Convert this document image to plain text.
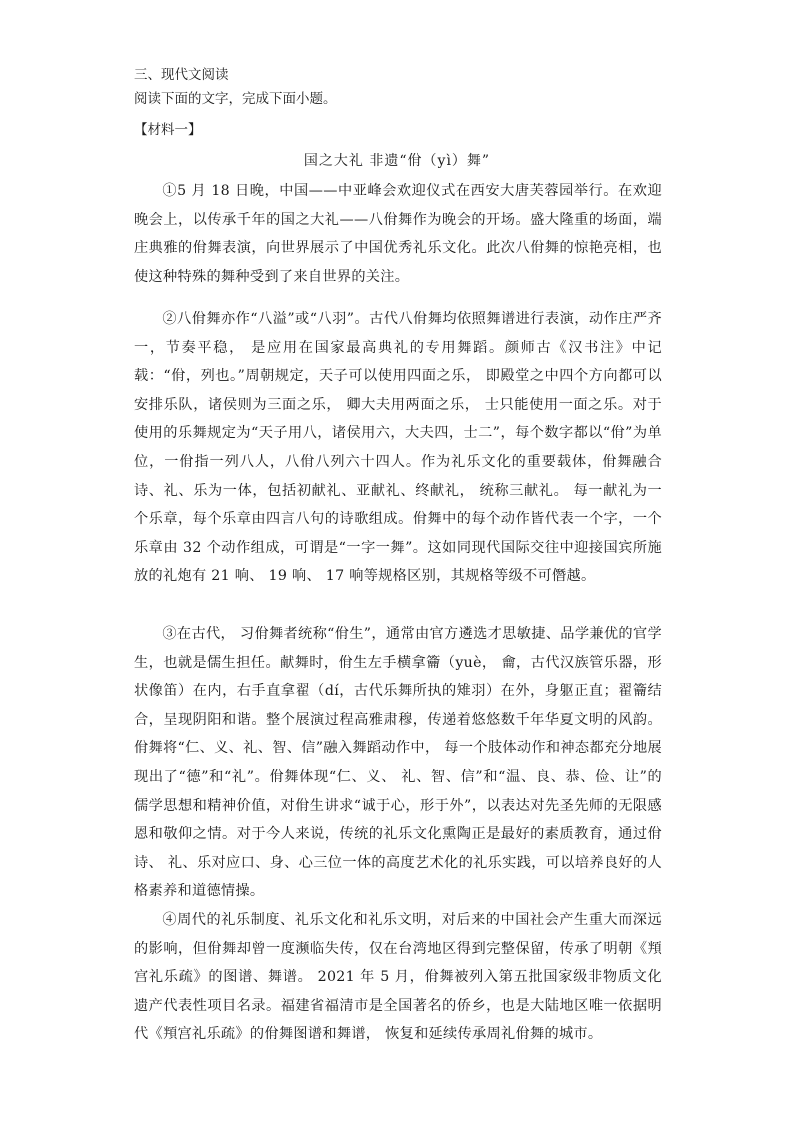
三、现代文阅读
阅读下面的文字，完成下面小题。
【材料一】
国之大礼 非遗“佾（yì）舞”

①5 月 18 日晚，中国——中亚峰会欢迎仪式在西安大唐芙蓉园举行。在欢迎晚会上，以传承千年的国之大礼——八佾舞作为晚会的开场。盛大隆重的场面，端庄典雅的佾舞表演，向世界展示了中国优秀礼乐文化。此次八佾舞的惊艳亮相，也使这种特殊的舞种受到了来自世界的关注。

②八佾舞亦作“八溢”或“八羽”。古代八佾舞均依照舞谱进行表演，动作庄严齐一，节奏平稳， 是应用在国家最高典礼的专用舞蹈。颜师古《汉书注》中记载：“佾，列也。”周朝规定，天子可以使用四面之乐， 即殿堂之中四个方向都可以安排乐队，诸侯则为三面之乐， 卿大夫用两面之乐， 士只能使用一面之乐。对于使用的乐舞规定为“天子用八，诸侯用六，大夫四，士二”，每个数字都以“佾”为单位，一佾指一列八人，八佾八列六十四人。作为礼乐文化的重要载体，佾舞融合诗、礼、乐为一体，包括初献礼、亚献礼、终献礼， 统称三献礼。 每一献礼为一个乐章，每个乐章由四言八句的诗歌组成。佾舞中的每个动作皆代表一个字，一个乐章由 32 个动作组成，可谓是“一字一舞”。这如同现代国际交往中迎接国宾所施放的礼炮有 21 响、 19 响、 17 响等规格区别，其规格等级不可僭越。

③在古代， 习佾舞者统称“佾生”，通常由官方遴选才思敏捷、品学兼优的官学生，也就是儒生担任。献舞时，佾生左手横拿籥（yuè， 龠，古代汉族管乐器，形状像笛）在内，右手直拿翟（dí，古代乐舞所执的雉羽）在外，身躯正直；翟籥结合，呈现阴阳和谐。整个展演过程高雅肃穆，传递着悠悠数千年华夏文明的风韵。佾舞将“仁、义、礼、智、信”融入舞蹈动作中， 每一个肢体动作和神态都充分地展现出了“德”和“礼”。佾舞体现“仁、义、 礼、智、信”和“温、良、恭、俭、让”的儒学思想和精神价值，对佾生讲求“诚于心，形于外”，以表达对先圣先师的无限感恩和敬仰之情。对于今人来说，传统的礼乐文化熏陶正是最好的素质教育，通过佾诗、 礼、乐对应口、身、心三位一体的高度艺术化的礼乐实践，可以培养良好的人格素养和道德情操。

④周代的礼乐制度、礼乐文化和礼乐文明，对后来的中国社会产生重大而深远的影响，但佾舞却曾一度濒临失传，仅在台湾地区得到完整保留，传承了明朝《頖宫礼乐疏》的图谱、舞谱。 2021 年 5 月，佾舞被列入第五批国家级非物质文化遗产代表性项目名录。福建省福清市是全国著名的侨乡，也是大陆地区唯一依据明代《頖宫礼乐疏》的佾舞图谱和舞谱， 恢复和延续传承周礼佾舞的城市。
